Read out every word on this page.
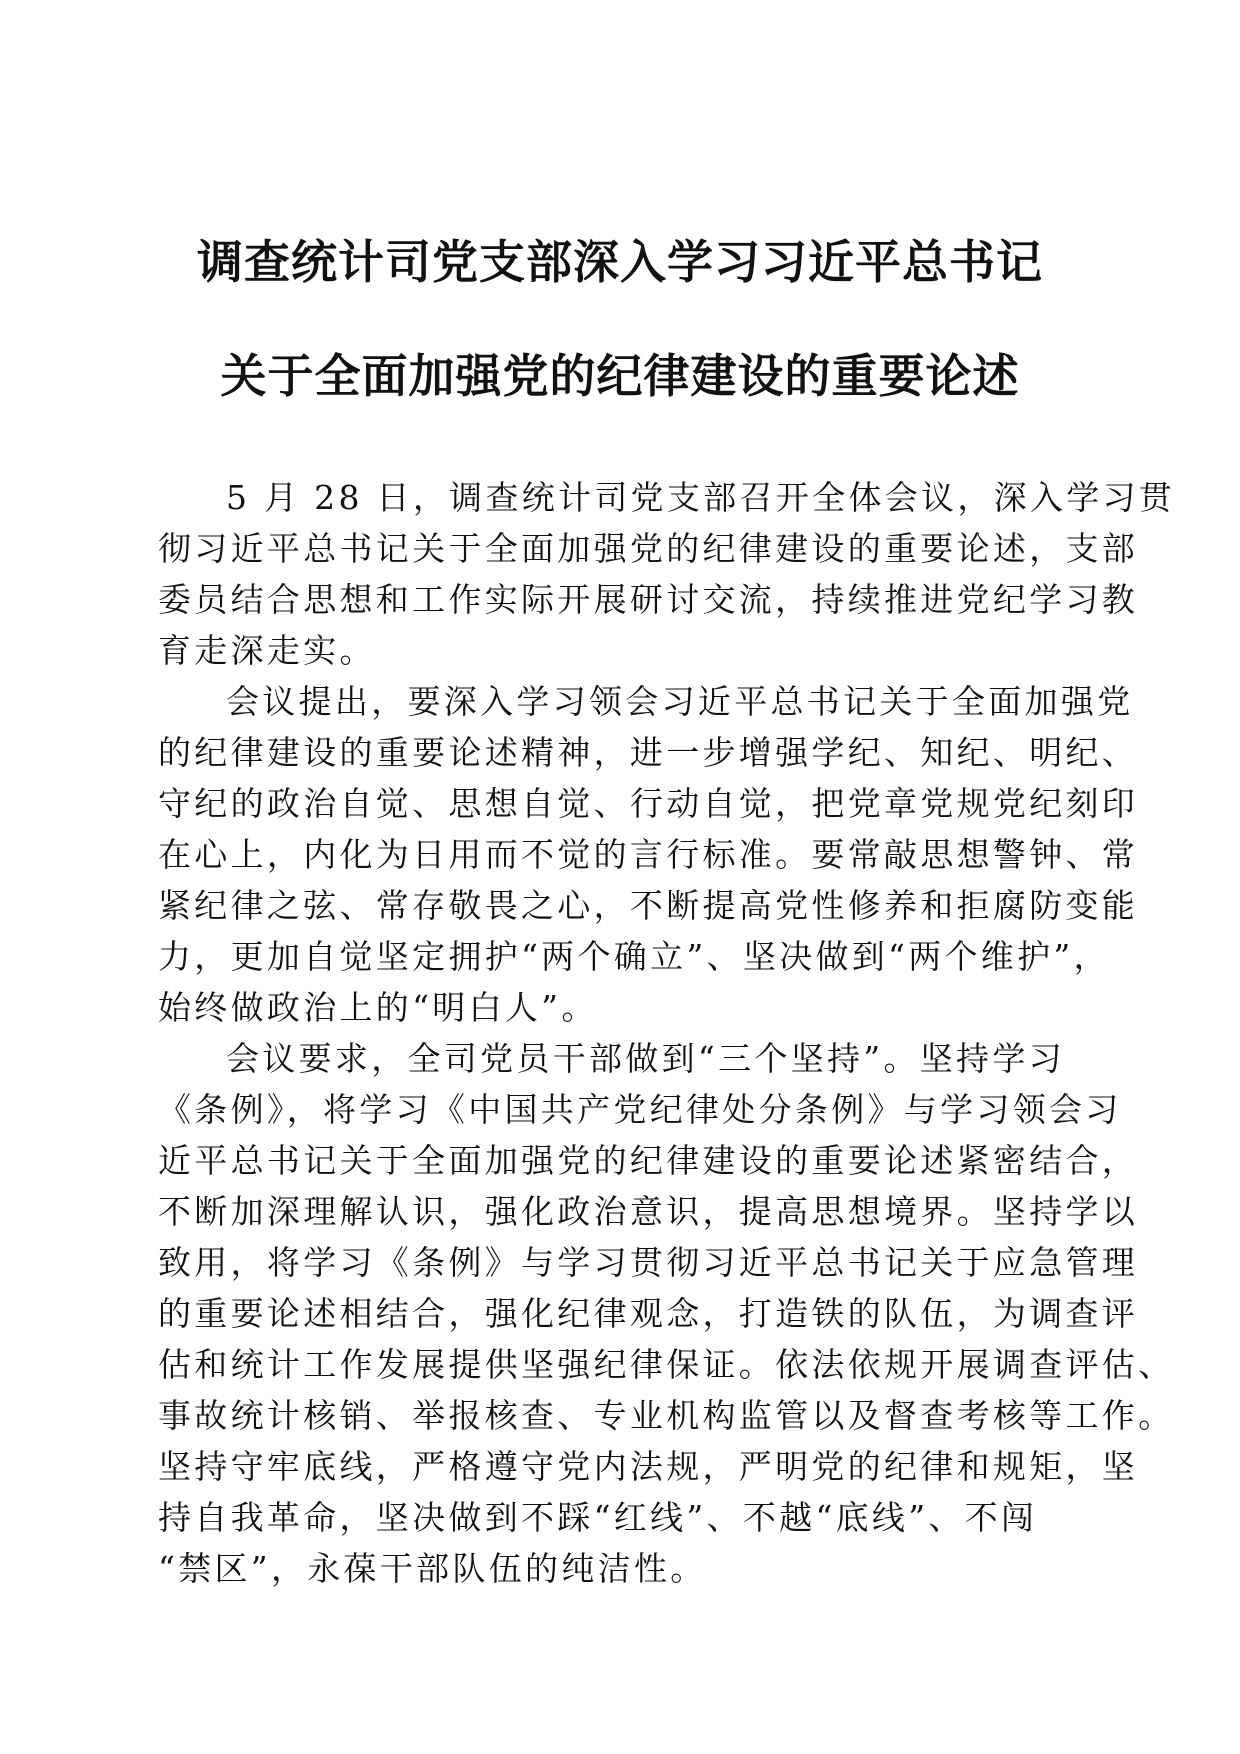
调查统计司党支部深入学习习近平总书记
关于全面加强党的纪律建设的重要论述
5 月 28 日，调查统计司党支部召开全体会议，深入学习贯
彻习近平总书记关于全面加强党的纪律建设的重要论述，支部
委员结合思想和工作实际开展研讨交流，持续推进党纪学习教
育走深走实。
会议提出，要深入学习领会习近平总书记关于全面加强党
的纪律建设的重要论述精神，进一步增强学纪、知纪、明纪、
守纪的政治自觉、思想自觉、行动自觉，把党章党规党纪刻印
在心上，内化为日用而不觉的言行标准。要常敲思想警钟、常
紧纪律之弦、常存敬畏之心，不断提高党性修养和拒腐防变能
力，更加自觉坚定拥护“两个确立”、坚决做到“两个维护”，
始终做政治上的“明白人”。
会议要求，全司党员干部做到“三个坚持”。坚持学习
《条例》，将学习《中国共产党纪律处分条例》与学习领会习
近平总书记关于全面加强党的纪律建设的重要论述紧密结合，
不断加深理解认识，强化政治意识，提高思想境界。坚持学以
致用，将学习《条例》与学习贯彻习近平总书记关于应急管理
的重要论述相结合，强化纪律观念，打造铁的队伍，为调查评
估和统计工作发展提供坚强纪律保证。依法依规开展调查评估、
事故统计核销、举报核查、专业机构监管以及督查考核等工作。
坚持守牢底线，严格遵守党内法规，严明党的纪律和规矩，坚
持自我革命，坚决做到不踩“红线”、不越“底线”、不闯
“禁区”，永葆干部队伍的纯洁性。
